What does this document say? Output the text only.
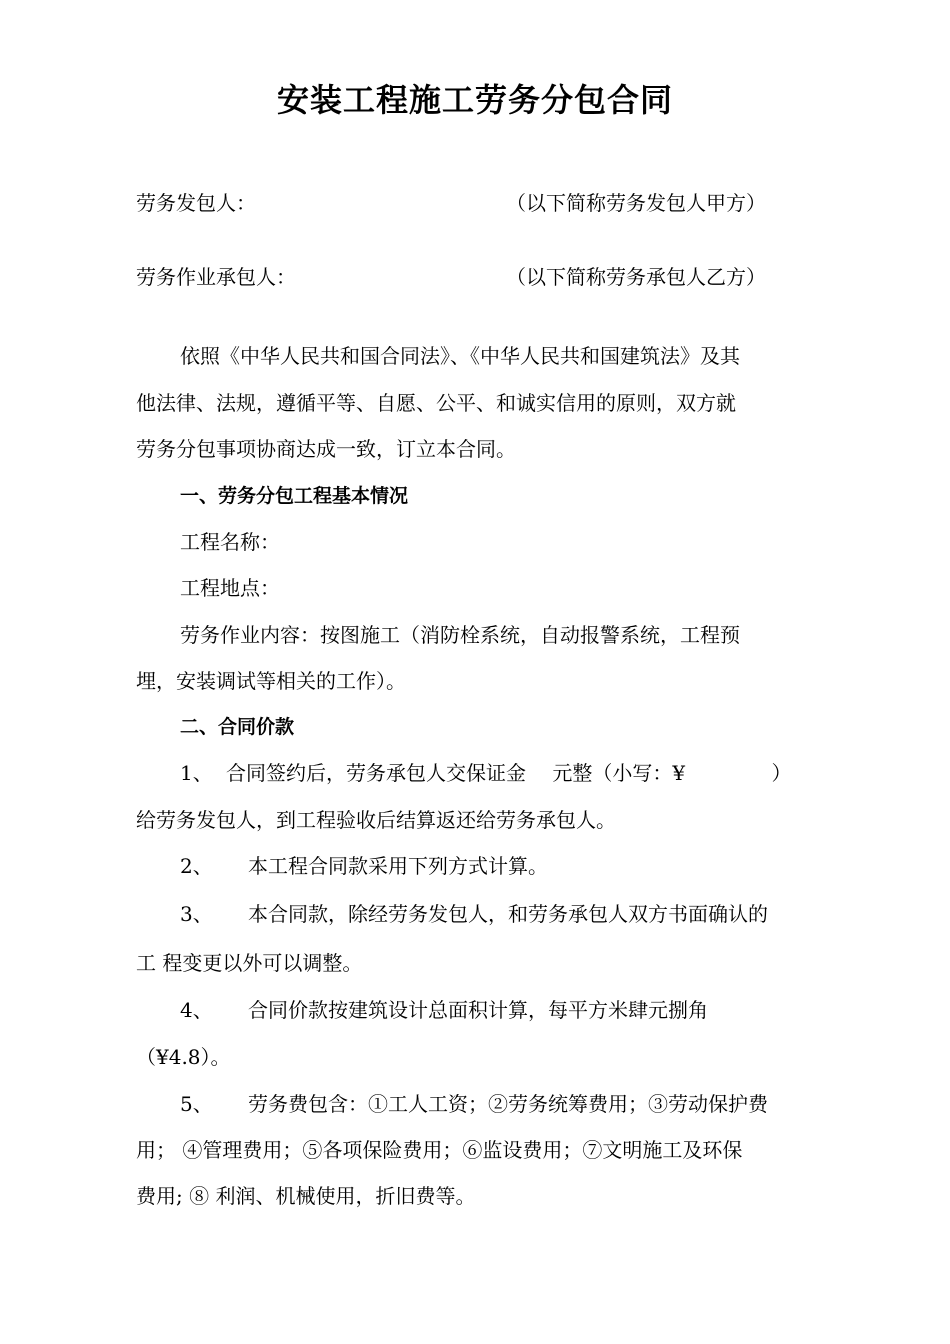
安装工程施工劳务分包合同
劳务发包人：	（以下简称劳务发包人甲方）
劳务作业承包人：	（以下简称劳务承包人乙方）
依照《中华人民共和国合同法》、《中华人民共和国建筑法》及其
他法律、法规，遵循平等、自愿、公平、和诚实信用的原则，双方就
劳务分包事项协商达成一致，订立本合同。
一、劳务分包工程基本情况
工程名称：
工程地点：
劳务作业内容：按图施工（消防栓系统，自动报警系统，工程预
埋，安装调试等相关的工作）。
二、合同价款
1、 合同签约后，劳务承包人交保证金　 元整（小写：¥　　　　 ）
给劳务发包人，到工程验收后结算返还给劳务承包人。
2、 本工程合同款采用下列方式计算。
3、 本合同款，除经劳务发包人，和劳务承包人双方书面确认的
工 程变更以外可以调整。
4、 合同价款按建筑设计总面积计算，每平方米肆元捌角
（¥4.8）。
5、 劳务费包含：①工人工资；②劳务统筹费用；③劳动保护费
用； ④管理费用；⑤各项保险费用；⑥监设费用；⑦文明施工及环保
费用; ⑧ 利润、机械使用，折旧费等。
